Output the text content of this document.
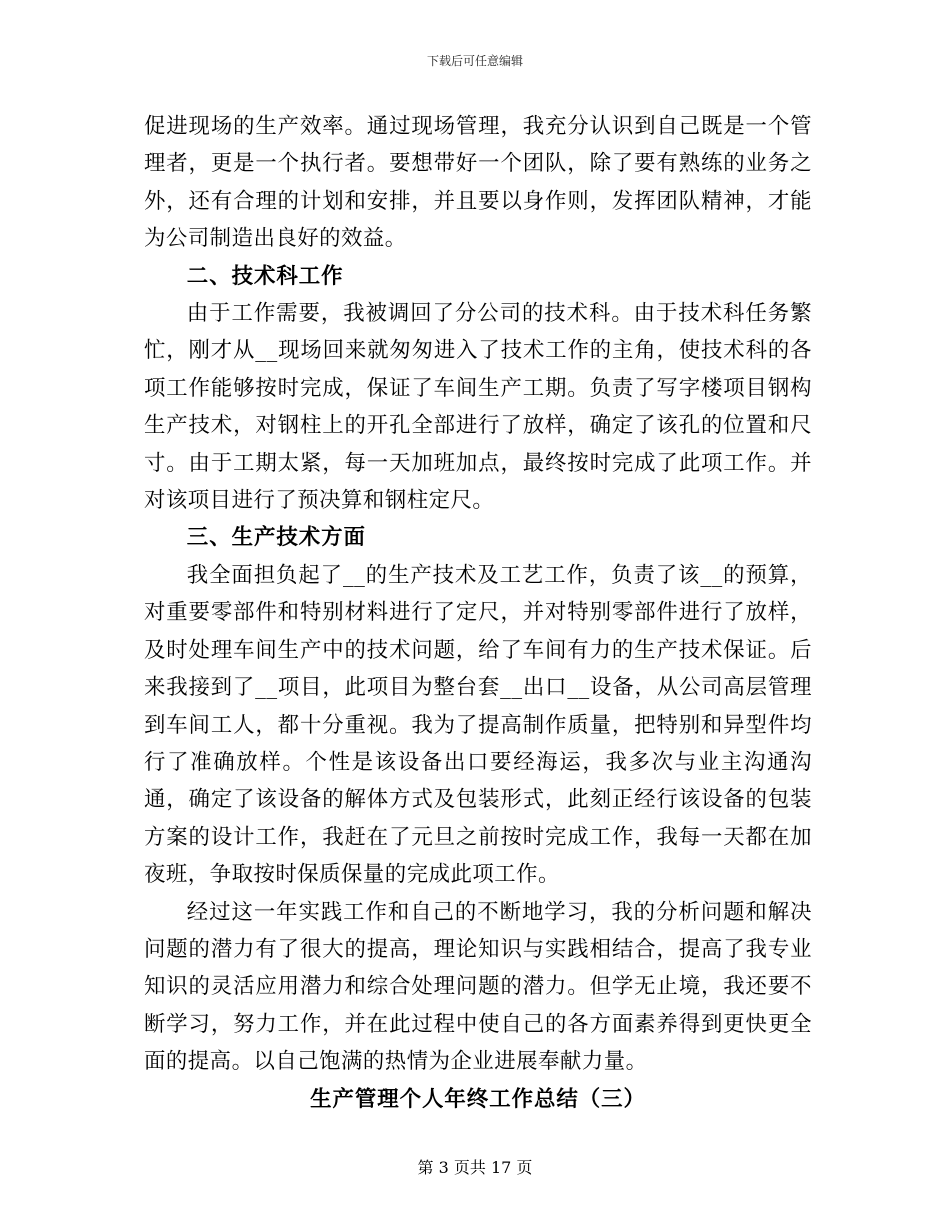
下载后可任意编辑

促进现场的生产效率。通过现场管理，我充分认识到自己既是一个管理者，更是一个执行者。要想带好一个团队，除了要有熟练的业务之外，还有合理的计划和安排，并且要以身作则，发挥团队精神，才能为公司制造出良好的效益。

二、技术科工作

由于工作需要，我被调回了分公司的技术科。由于技术科任务繁忙，刚才从__现场回来就匆匆进入了技术工作的主角，使技术科的各项工作能够按时完成，保证了车间生产工期。负责了写字楼项目钢构生产技术，对钢柱上的开孔全部进行了放样，确定了该孔的位置和尺寸。由于工期太紧，每一天加班加点，最终按时完成了此项工作。并对该项目进行了预决算和钢柱定尺。

三、生产技术方面

我全面担负起了__的生产技术及工艺工作，负责了该__的预算，对重要零部件和特别材料进行了定尺，并对特别零部件进行了放样，及时处理车间生产中的技术问题，给了车间有力的生产技术保证。后来我接到了__项目，此项目为整台套__出口__设备，从公司高层管理到车间工人，都十分重视。我为了提高制作质量，把特别和异型件均行了准确放样。个性是该设备出口要经海运，我多次与业主沟通沟通，确定了该设备的解体方式及包装形式，此刻正经行该设备的包装方案的设计工作，我赶在了元旦之前按时完成工作，我每一天都在加夜班，争取按时保质保量的完成此项工作。

经过这一年实践工作和自己的不断地学习，我的分析问题和解决问题的潜力有了很大的提高，理论知识与实践相结合，提高了我专业知识的灵活应用潜力和综合处理问题的潜力。但学无止境，我还要不断学习，努力工作，并在此过程中使自己的各方面素养得到更快更全面的提高。以自己饱满的热情为企业进展奉献力量。

生产管理个人年终工作总结（三）

第 3 页共 17 页
